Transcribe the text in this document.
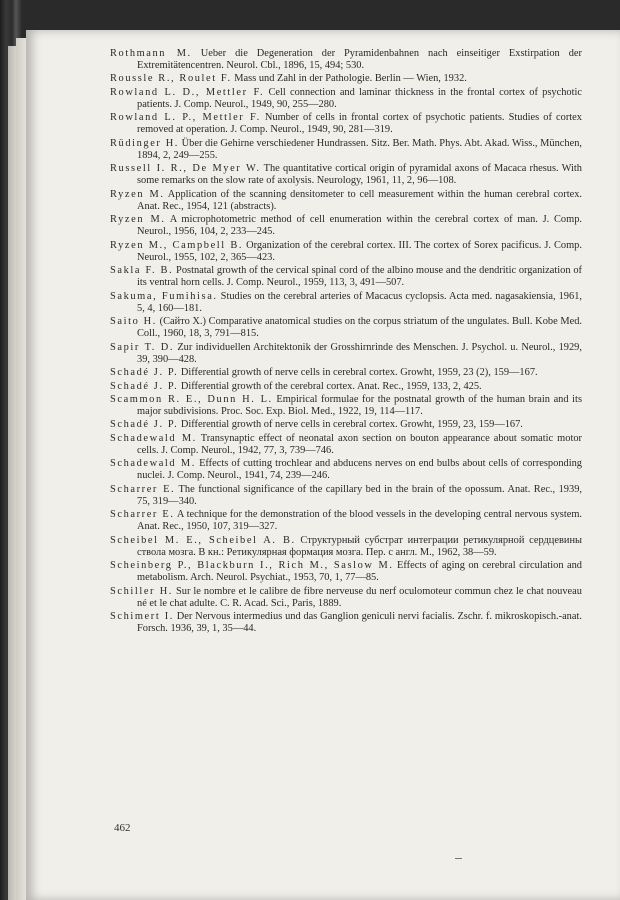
Rothmann M. Ueber die Degeneration der Pyramidenbahnen nach einseitiger Exstirpation der Extremitätencentren. Neurol. Cbl., 1896, 15, 494; 530.

Roussle R., Roulet F. Mass und Zahl in der Pathologie. Berlin — Wien, 1932.

Rowland L. D., Mettler F. Cell connection and laminar thickness in the frontal cortex of psychotic patients. J. Comp. Neurol., 1949, 90, 255—280.

Rowland L. P., Mettler F. Number of cells in frontal cortex of psychotic patients. Studies of cortex removed at operation. J. Comp. Neurol., 1949, 90, 281—319.

Rüdinger H. Über die Gehirne verschiedener Hundrassen. Sitz. Ber. Math. Phys. Abt. Akad. Wiss., München, 1894, 2, 249—255.

Russell I. R., De Myer W. The quantitative cortical origin of pyramidal axons of Macaca rhesus. With some remarks on the slow rate of axolysis. Neurology, 1961, 11, 2, 96—108.

Ryzen M. Application of the scanning densitometer to cell measurement within the human cerebral cortex. Anat. Rec., 1954, 121 (abstracts).

Ryzen M. A microphotometric method of cell enumeration within the cerebral cortex of man. J. Comp. Neurol., 1956, 104, 2, 233—245.

Ryzen M., Campbell B. Organization of the cerebral cortex. III. The cortex of Sorex pacificus. J. Comp. Neurol., 1955, 102, 2, 365—423.

Sakla F. B. Postnatal growth of the cervical spinal cord of the albino mouse and the dendritic organization of its ventral horn cells. J. Comp. Neurol., 1959, 113, 3, 491—507.

Sakuma, Fumihisa. Studies on the cerebral arteries of Macacus cyclopsis. Acta med. nagasakiensia, 1961, 5, 4, 160—181.

Saito H. (Сайто X.) Comparative anatomical studies on the corpus striatum of the ungulates. Bull. Kobe Med. Coll., 1960, 18, 3, 791—815.

Sapir T. D. Zur individuellen Architektonik der Grosshirnrinde des Menschen. J. Psychol. u. Neurol., 1929, 39, 390—428.

Schadé J. P. Differential growth of nerve cells in cerebral cortex. Growht, 1959, 23 (2), 159—167.

Schadé J. P. Differential growth of the cerebral cortex. Anat. Rec., 1959, 133, 2, 425.

Scammon R. E., Dunn H. L. Empirical formulae for the postnatal growth of the human brain and its major subdivisions. Proc. Soc. Exp. Biol. Med., 1922, 19, 114—117.

Schadé J. P. Differential growth of nerve cells in cerebral cortex. Growht, 1959, 23, 159—167.

Schadewald M. Transynaptic effect of neonatal axon section on bouton appearance about somatic motor cells. J. Comp. Neurol., 1942, 77, 3, 739—746.

Schadewald M. Effects of cutting trochlear and abducens nerves on end bulbs about cells of corresponding nuclei. J. Comp. Neurol., 1941, 74, 239—246.

Scharrer E. The functional significance of the capillary bed in the brain of the opossum. Anat. Rec., 1939, 75, 319—340.

Scharrer E. A technique for the demonstration of the blood vessels in the developing central nervous system. Anat. Rec., 1950, 107, 319—327.

Scheibel M. E., Scheibel A. B. Структурный субстрат интеграции ретикулярной сердцевины ствола мозга. В кн.: Ретикулярная формация мозга. Пер. с англ. М., 1962, 38—59.

Scheinberg P., Blackburn I., Rich M., Saslow M. Effects of aging on cerebral circulation and metabolism. Arch. Neurol. Psychiat., 1953, 70, 1, 77—85.

Schiller H. Sur le nombre et le calibre de fibre nerveuse du nerf oculomoteur commun chez le chat nouveau né et le chat adulte. C. R. Acad. Sci., Paris, 1889.

Schimert I. Der Nervous intermedius und das Ganglion geniculi nervi facialis. Zschr. f. mikroskopisch.-anat. Forsch. 1936, 39, 1, 35—44.

462
